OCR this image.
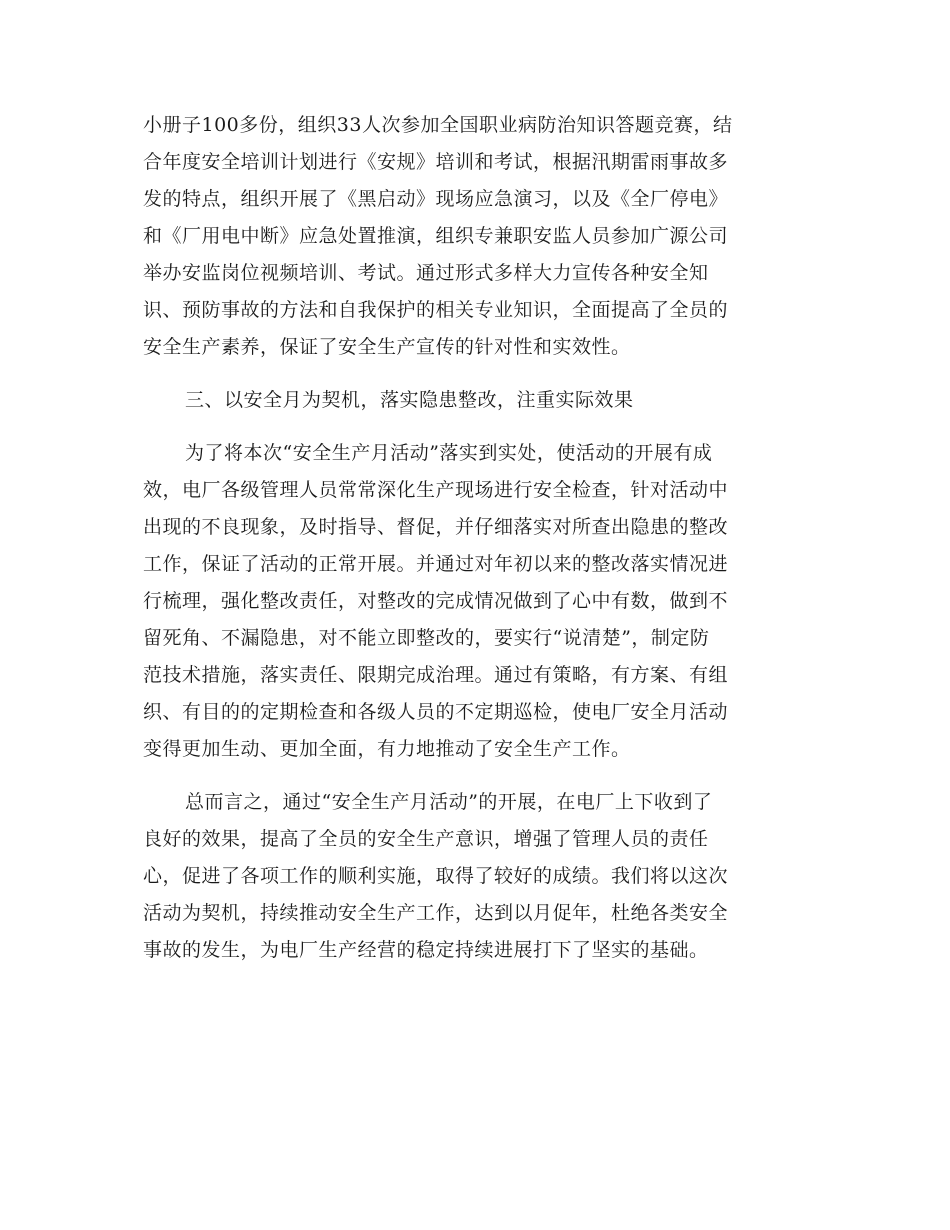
小册子100多份，组织33人次参加全国职业病防治知识答题竞赛，结
合年度安全培训计划进行《安规》培训和考试，根据汛期雷雨事故多
发的特点，组织开展了《黑启动》现场应急演习，以及《全厂停电》
和《厂用电中断》应急处置推演，组织专兼职安监人员参加广源公司
举办安监岗位视频培训、考试。通过形式多样大力宣传各种安全知
识、预防事故的方法和自我保护的相关专业知识，全面提高了全员的
安全生产素养，保证了安全生产宣传的针对性和实效性。

三、以安全月为契机，落实隐患整改，注重实际效果

为了将本次“安全生产月活动”落实到实处，使活动的开展有成
效，电厂各级管理人员常常深化生产现场进行安全检查，针对活动中
出现的不良现象，及时指导、督促，并仔细落实对所查出隐患的整改
工作，保证了活动的正常开展。并通过对年初以来的整改落实情况进
行梳理，强化整改责任，对整改的完成情况做到了心中有数，做到不
留死角、不漏隐患，对不能立即整改的，要实行“说清楚”，制定防
范技术措施，落实责任、限期完成治理。通过有策略，有方案、有组
织、有目的的定期检查和各级人员的不定期巡检，使电厂安全月活动
变得更加生动、更加全面，有力地推动了安全生产工作。

总而言之，通过“安全生产月活动”的开展，在电厂上下收到了
良好的效果，提高了全员的安全生产意识，增强了管理人员的责任
心，促进了各项工作的顺利实施，取得了较好的成绩。我们将以这次
活动为契机，持续推动安全生产工作，达到以月促年，杜绝各类安全
事故的发生，为电厂生产经营的稳定持续进展打下了坚实的基础。
